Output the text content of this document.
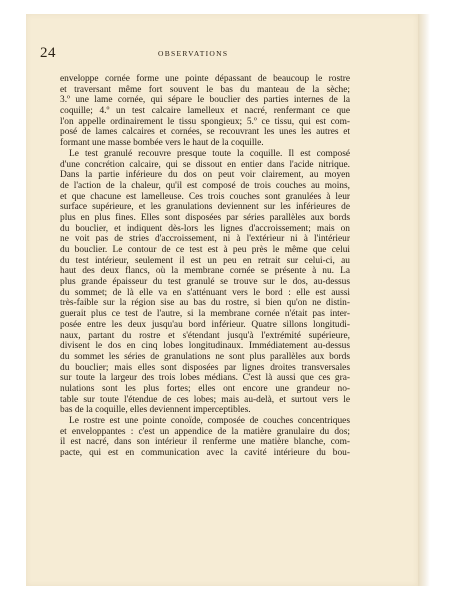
24	OBSERVATIONS
enveloppe cornée forme une pointe dépassant de beaucoup le rostre
et traversant même fort souvent le bas du manteau de la sèche;
3.º une lame cornée, qui sépare le bouclier des parties internes de la
coquille; 4.º un test calcaire lamelleux et nacré, renfermant ce que
l'on appelle ordinairement le tissu spongieux; 5.º ce tissu, qui est com-
posé de lames calcaires et cornées, se recouvrant les unes les autres et
formant une masse bombée vers le haut de la coquille.
Le test granulé recouvre presque toute la coquille. Il est composé
d'une concrétion calcaire, qui se dissout en entier dans l'acide nitrique.
Dans la partie inférieure du dos on peut voir clairement, au moyen
de l'action de la chaleur, qu'il est composé de trois couches au moins,
et que chacune est lamelleuse. Ces trois couches sont granulées à leur
surface supérieure, et les granulations deviennent sur les inférieures de
plus en plus fines. Elles sont disposées par séries parallèles aux bords
du bouclier, et indiquent dès-lors les lignes d'accroissement; mais on
ne voit pas de stries d'accroissement, ni à l'extérieur ni à l'intérieur
du bouclier. Le contour de ce test est à peu près le même que celui
du test intérieur, seulement il est un peu en retrait sur celui-ci, au
haut des deux flancs, où la membrane cornée se présente à nu. La
plus grande épaisseur du test granulé se trouve sur le dos, au-dessus
du sommet; de là elle va en s'atténuant vers le bord : elle est aussi
très-faible sur la région sise au bas du rostre, si bien qu'on ne distin-
guerait plus ce test de l'autre, si la membrane cornée n'était pas inter-
posée entre les deux jusqu'au bord inférieur. Quatre sillons longitudi-
naux, partant du rostre et s'étendant jusqu'à l'extrémité supérieure,
divisent le dos en cinq lobes longitudinaux. Immédiatement au-dessus
du sommet les séries de granulations ne sont plus parallèles aux bords
du bouclier; mais elles sont disposées par lignes droites transversales
sur toute la largeur des trois lobes médians. C'est là aussi que ces gra-
nulations sont les plus fortes; elles ont encore une grandeur no-
table sur toute l'étendue de ces lobes; mais au-delà, et surtout vers le
bas de la coquille, elles deviennent imperceptibles.
Le rostre est une pointe conoïde, composée de couches concentriques
et enveloppantes : c'est un appendice de la matière granulaire du dos;
il est nacré, dans son intérieur il renferme une matière blanche, com-
pacte, qui est en communication avec la cavité intérieure du bou-
